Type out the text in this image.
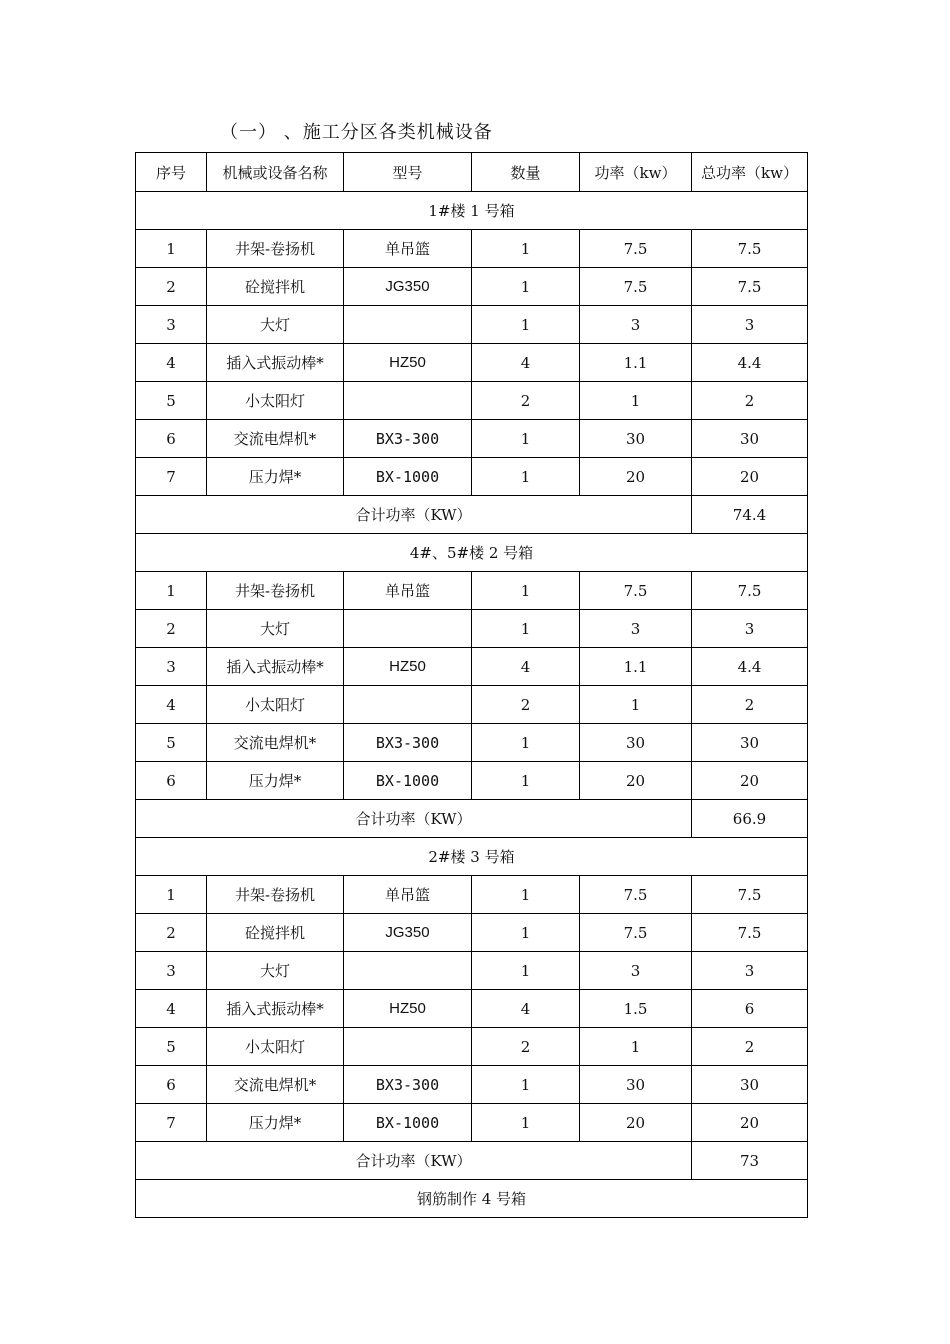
（一） 、施工分区各类机械设备
序号	机械或设备名称	型号	数量	功率（kw）	总功率（kw）
1#楼 1 号箱					
1	井架-卷扬机	单吊篮	1	7.5	7.5
2	砼搅拌机	JG350	1	7.5	7.5
3	大灯		1	3	3
4	插入式振动棒*	HZ50	4	1.1	4.4
5	小太阳灯		2	1	2
6	交流电焊机*	BX3-300	1	30	30
7	压力焊*	BX-1000	1	20	20
合计功率（KW）					74.4
4#、5#楼 2 号箱					
1	井架-卷扬机	单吊篮	1	7.5	7.5
2	大灯		1	3	3
3	插入式振动棒*	HZ50	4	1.1	4.4
4	小太阳灯		2	1	2
5	交流电焊机*	BX3-300	1	30	30
6	压力焊*	BX-1000	1	20	20
合计功率（KW）					66.9
2#楼 3 号箱					
1	井架-卷扬机	单吊篮	1	7.5	7.5
2	砼搅拌机	JG350	1	7.5	7.5
3	大灯		1	3	3
4	插入式振动棒*	HZ50	4	1.5	6
5	小太阳灯		2	1	2
6	交流电焊机*	BX3-300	1	30	30
7	压力焊*	BX-1000	1	20	20
合计功率（KW）					73
钢筋制作 4 号箱					
